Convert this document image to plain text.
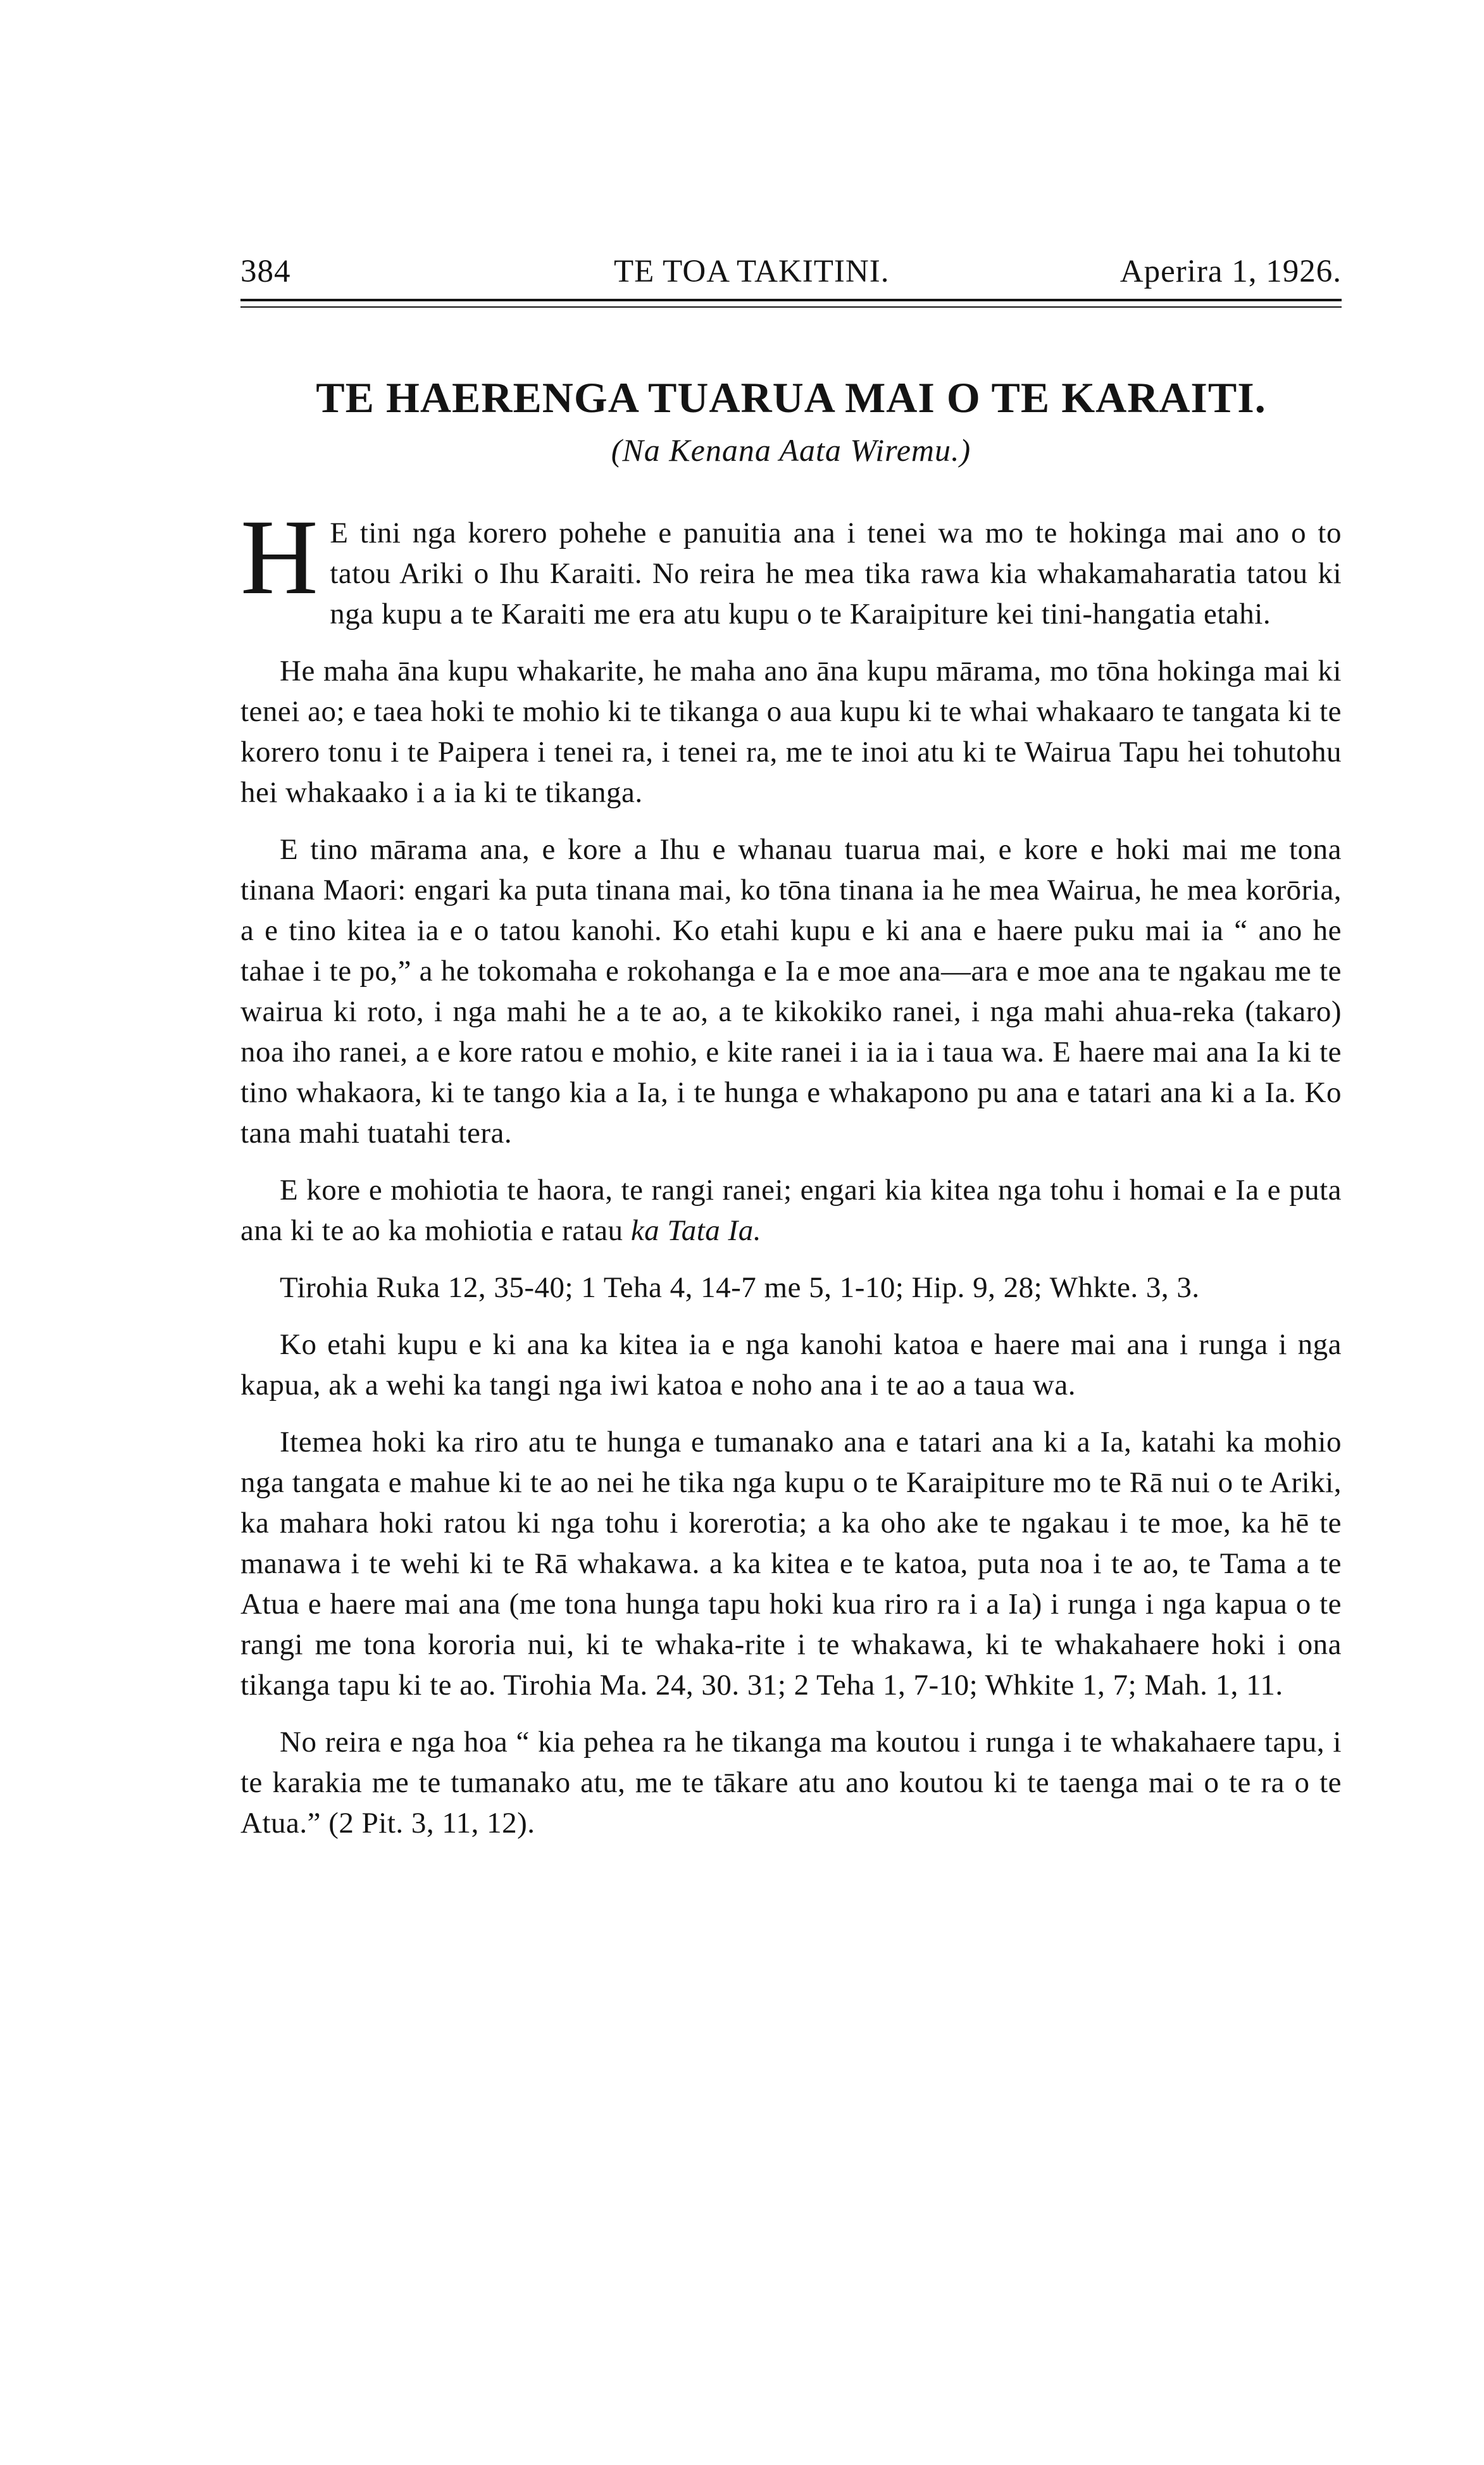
384	TE TOA TAKITINI.	Aperira 1, 1926.
TE HAERENGA TUARUA MAI O TE KARAITI.
(Na Kenana Aata Wiremu.)

H E tini nga korero pohehe e panuitia ana i tenei wa mo te hokinga mai ano o to tatou Ariki o Ihu Karaiti. No reira he mea tika rawa kia whakamaharatia tatou ki nga kupu a te Karaiti me era atu kupu o te Karaipiture kei tini-hangatia etahi.

He maha āna kupu whakarite, he maha ano āna kupu mārama, mo tōna hokinga mai ki tenei ao; e taea hoki te mohio ki te tikanga o aua kupu ki te whai whakaaro te tangata ki te korero tonu i te Paipera i tenei ra, i tenei ra, me te inoi atu ki te Wairua Tapu hei tohutohu hei whakaako i a ia ki te tikanga.

E tino mārama ana, e kore a Ihu e whanau tuarua mai, e kore e hoki mai me tona tinana Maori: engari ka puta tinana mai, ko tōna tinana ia he mea Wairua, he mea korōria, a e tino kitea ia e o tatou kanohi. Ko etahi kupu e ki ana e haere puku mai ia “ ano he tahae i te po,” a he tokomaha e rokohanga e Ia e moe ana—ara e moe ana te ngakau me te wairua ki roto, i nga mahi he a te ao, a te kikokiko ranei, i nga mahi ahua-reka (takaro) noa iho ranei, a e kore ratou e mohio, e kite ranei i ia ia i taua wa. E haere mai ana Ia ki te tino whakaora, ki te tango kia a Ia, i te hunga e whakapono pu ana e tatari ana ki a Ia. Ko tana mahi tuatahi tera.

E kore e mohiotia te haora, te rangi ranei; engari kia kitea nga tohu i homai e Ia e puta ana ki te ao ka mohiotia e ratau ka Tata Ia.

Tirohia Ruka 12, 35-40; 1 Teha 4, 14-7 me 5, 1-10; Hip. 9, 28; Whkte. 3, 3.

Ko etahi kupu e ki ana ka kitea ia e nga kanohi katoa e haere mai ana i runga i nga kapua, ak a wehi ka tangi nga iwi katoa e noho ana i te ao a taua wa.

Itemea hoki ka riro atu te hunga e tumanako ana e tatari ana ki a Ia, katahi ka mohio nga tangata e mahue ki te ao nei he tika nga kupu o te Karaipiture mo te Rā nui o te Ariki, ka mahara hoki ratou ki nga tohu i korerotia; a ka oho ake te ngakau i te moe, ka hē te manawa i te wehi ki te Rā whakawa. a ka kitea e te katoa, puta noa i te ao, te Tama a te Atua e haere mai ana (me tona hunga tapu hoki kua riro ra i a Ia) i runga i nga kapua o te rangi me tona kororia nui, ki te whaka-rite i te whakawa, ki te whakahaere hoki i ona tikanga tapu ki te ao. Tirohia Ma. 24, 30. 31; 2 Teha 1, 7-10; Whkite 1, 7; Mah. 1, 11.

No reira e nga hoa “ kia pehea ra he tikanga ma koutou i runga i te whakahaere tapu, i te karakia me te tumanako atu, me te tākare atu ano koutou ki te taenga mai o te ra o te Atua.” (2 Pit. 3, 11, 12).
